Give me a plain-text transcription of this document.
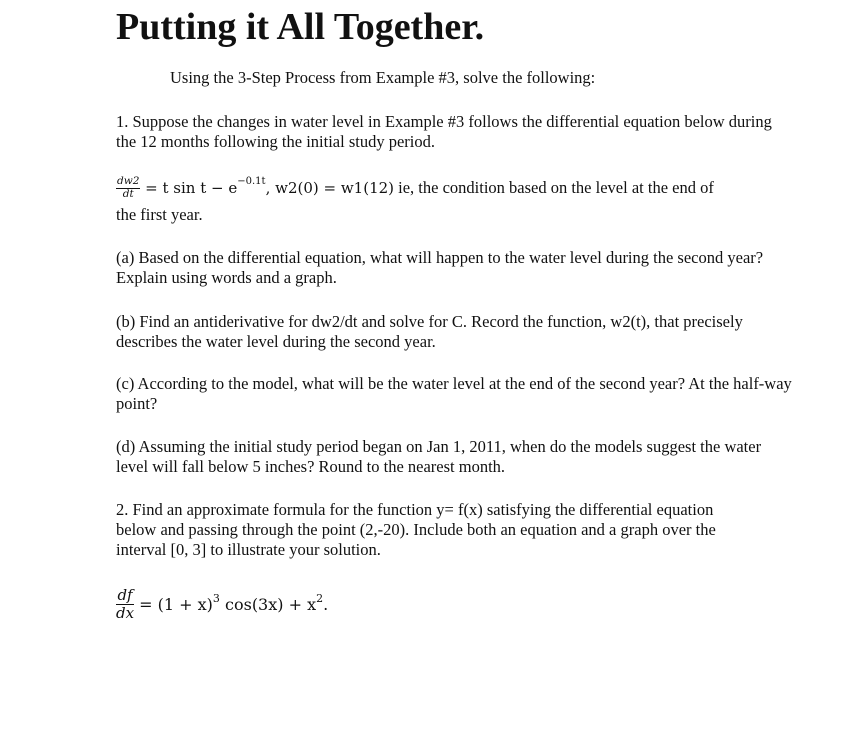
Putting it All Together.
Using the 3-Step Process from Example #3, solve the following:

1. Suppose the changes in water level in Example #3 follows the differential equation below during the 12 months following the initial study period.

$\frac{dw2}{dt} = t$ $\sin t - e^{-0.1t}$, w2(0) = w1(12) ie, the condition based on the level at the end of
the first year.

(a) Based on the differential equation, what will happen to the water level during the second year? Explain using words and a graph.

(b) Find an antiderivative for dw2/dt and solve for C. Record the function, w2(t), that precisely describes the water level during the second year.

(c) According to the model, what will be the water level at the end of the second year? At the half-way point?

(d) Assuming the initial study period began on Jan 1, 2011, when do the models suggest the water level will fall below 5 inches? Round to the nearest month.

2. Find an approximate formula for the function y= f(x) satisfying the differential equation below and passing through the point (2,-20). Include both an equation and a graph over the interval [0, 3] to illustrate your solution.

$\frac{df}{dx} = (1 + x)^3$ $\cos(3x) + x^2$.
